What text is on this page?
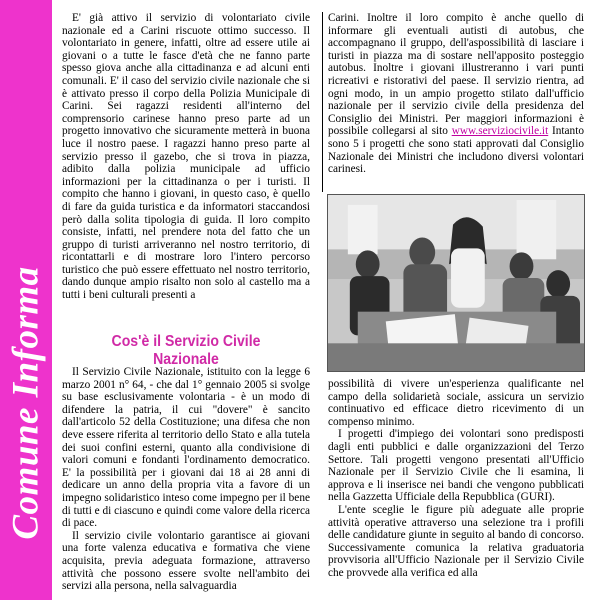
Comune Informa

E' già attivo il servizio di volontariato civile nazionale ed a Carini riscuote ottimo successo. Il volontariato in genere, infatti, oltre ad essere utile ai giovani o a tutte le fasce d'età che ne fanno parte spesso giova anche alla cittadinanza e ad alcuni enti comunali. E' il caso del servizio civile nazionale che si è attivato presso il corpo della Polizia Municipale di Carini. Sei ragazzi residenti all'interno del comprensorio carinese hanno preso parte ad un progetto innovativo che sicuramente metterà in buona luce il nostro paese. I ragazzi hanno preso parte al servizio presso il gazebo, che si trova in piazza, adibito dalla polizia municipale ad ufficio informazioni per la cittadinanza o per i turisti. Il compito che hanno i giovani, in questo caso, è quello di fare da guida turistica e da informatori staccandosi però dalla solita tipologia di guida. Il loro compito consiste, infatti, nel prendere nota del fatto che un gruppo di turisti arriveranno nel nostro territorio, di ricontattarli e di mostrare loro l'intero percorso turistico che può essere effettuato nel nostro territorio, dando dunque ampio risalto non solo al castello ma a tutti i beni culturali presenti a

Carini. Inoltre il loro compito è anche quello di informare gli eventuali autisti di autobus, che accompagnano il gruppo, dell'aspossibilità di lasciare i turisti in piazza ma di sostare nell'apposito posteggio autobus. Inoltre i giovani illustreranno i vari punti ricreativi e ristorativi del paese. Il servizio rientra, ad ogni modo, in un ampio progetto stilato dall'ufficio nazionale per il servizio civile della presidenza del Consiglio dei Ministri. Per maggiori informazioni è possibile collegarsi al sito www.serviziocivile.it Intanto sono 5 i progetti che sono stati approvati dal Consiglio Nazionale dei Ministri che includono diversi volontari carinesi.

Cos'è il Servizio Civile Nazionale

Il Servizio Civile Nazionale, istituito con la legge 6 marzo 2001 n° 64, - che dal 1° gennaio 2005 si svolge su base esclusivamente volontaria - è un modo di difendere la patria, il cui "dovere" è sancito dall'articolo 52 della Costituzione; una difesa che non deve essere riferita al territorio dello Stato e alla tutela dei suoi confini esterni, quanto alla condivisione di valori comuni e fondanti l'ordinamento democratico. E' la possibilità per i giovani dai 18 ai 28 anni di dedicare un anno della propria vita a favore di un impegno solidaristico inteso come impegno per il bene di tutti e di ciascuno e quindi come valore della ricerca di pace.

Il servizio civile volontario garantisce ai giovani una forte valenza educativa e formativa che viene acquisita, previa adeguata formazione, attraverso attività che possono essere svolte nell'ambito dei servizi alla persona, nella salvaguardia

possibilità di vivere un'esperienza qualificante nel campo della solidarietà sociale, assicura un servizio continuativo ed efficace dietro ricevimento di un compenso minimo.

I progetti d'impiego dei volontari sono predisposti dagli enti pubblici e dalle organizzazioni del Terzo Settore. Tali progetti vengono presentati all'Ufficio Nazionale per il Servizio Civile che li esamina, li approva e li inserisce nei bandi che vengono pubblicati nella Gazzetta Ufficiale della Repubblica (GURI).

L'ente sceglie le figure più adeguate alle proprie attività operative attraverso una selezione tra i profili delle candidature giunte in seguito al bando di concorso. Successivamente comunica la relativa graduatoria provvisoria all'Ufficio Nazionale per il Servizio Civile che provvede alla verifica ed alla
